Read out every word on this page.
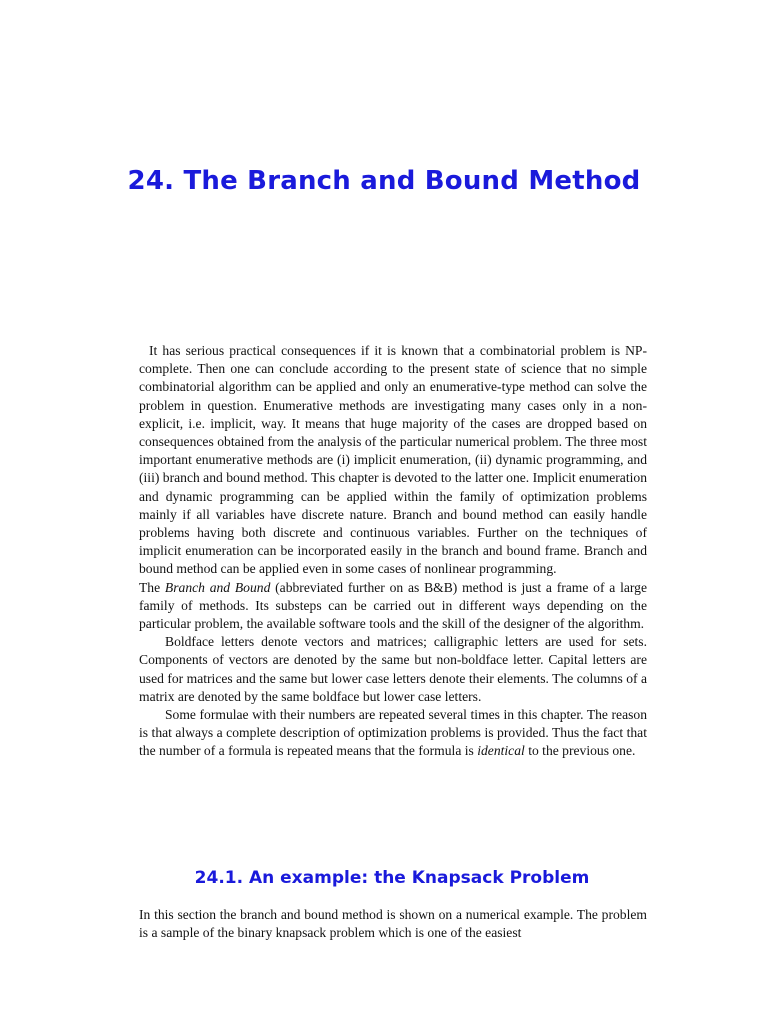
24. The Branch and Bound Method

It has serious practical consequences if it is known that a combinatorial problem is NP-complete. Then one can conclude according to the present state of science that no simple combinatorial algorithm can be applied and only an enumerative-type method can solve the problem in question. Enumerative methods are investigating many cases only in a non-explicit, i.e. implicit, way. It means that huge majority of the cases are dropped based on consequences obtained from the analysis of the particular numerical problem. The three most important enumerative methods are (i) implicit enumeration, (ii) dynamic programming, and (iii) branch and bound method. This chapter is devoted to the latter one. Implicit enumeration and dynamic programming can be applied within the family of optimization problems mainly if all variables have discrete nature. Branch and bound method can easily handle problems having both discrete and continuous variables. Further on the techniques of implicit enumeration can be incorporated easily in the branch and bound frame. Branch and bound method can be applied even in some cases of nonlinear programming.

The Branch and Bound (abbreviated further on as B&B) method is just a frame of a large family of methods. Its substeps can be carried out in different ways depending on the particular problem, the available software tools and the skill of the designer of the algorithm.

Boldface letters denote vectors and matrices; calligraphic letters are used for sets. Components of vectors are denoted by the same but non-boldface letter. Capital letters are used for matrices and the same but lower case letters denote their elements. The columns of a matrix are denoted by the same boldface but lower case letters.

Some formulae with their numbers are repeated several times in this chapter. The reason is that always a complete description of optimization problems is provided. Thus the fact that the number of a formula is repeated means that the formula is identical to the previous one.

24.1. An example: the Knapsack Problem

In this section the branch and bound method is shown on a numerical example. The problem is a sample of the binary knapsack problem which is one of the easiest
